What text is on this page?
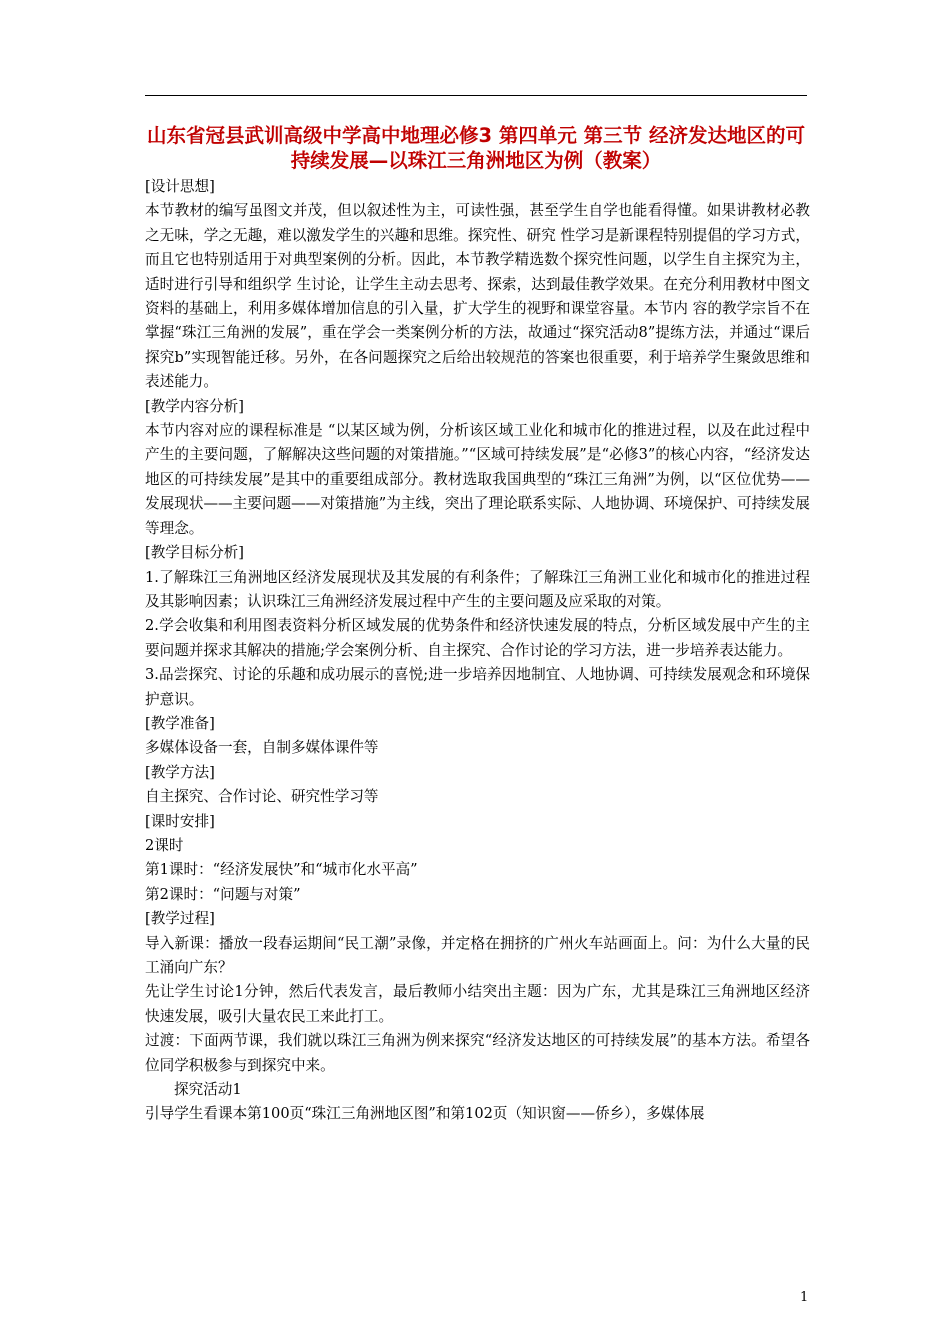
山东省冠县武训高级中学高中地理必修3 第四单元 第三节 经济发达地区的可持续发展—以珠江三角洲地区为例（教案）

[设计思想]

本节教材的编写虽图文并茂，但以叙述性为主，可读性强，甚至学生自学也能看得懂。如果讲教材必教之无味，学之无趣，难以激发学生的兴趣和思维。探究性、研究 性学习是新课程特别提倡的学习方式，而且它也特别适用于对典型案例的分析。因此，本节教学精选数个探究性问题，以学生自主探究为主，适时进行引导和组织学 生讨论，让学生主动去思考、探索，达到最佳教学效果。在充分利用教材中图文资料的基础上，利用多媒体增加信息的引入量，扩大学生的视野和课堂容量。本节内 容的教学宗旨不在掌握“珠江三角洲的发展”，重在学会一类案例分析的方法，故通过“探究活动8”提练方法，并通过“课后探究b”实现智能迁移。另外，在各问题探究之后给出较规范的答案也很重要，利于培养学生聚敛思维和表述能力。

[教学内容分析]

本节内容对应的课程标准是 “以某区域为例，分析该区域工业化和城市化的推进过程，以及在此过程中产生的主要问题，了解解决这些问题的对策措施。”“区域可持续发展”是“必修3”的核心内容，“经济发达地区的可持续发展”是其中的重要组成部分。教材选取我国典型的“珠江三角洲”为例，以“区位优势——发展现状——主要问题——对策措施”为主线，突出了理论联系实际、人地协调、环境保护、可持续发展等理念。

[教学目标分析]

1.了解珠江三角洲地区经济发展现状及其发展的有利条件；了解珠江三角洲工业化和城市化的推进过程及其影响因素；认识珠江三角洲经济发展过程中产生的主要问题及应采取的对策。

2.学会收集和利用图表资料分析区域发展的优势条件和经济快速发展的特点，分析区域发展中产生的主要问题并探求其解决的措施;学会案例分析、自主探究、合作讨论的学习方法，进一步培养表达能力。

3.品尝探究、讨论的乐趣和成功展示的喜悦;进一步培养因地制宜、人地协调、可持续发展观念和环境保护意识。

[教学准备]

多媒体设备一套，自制多媒体课件等

[教学方法]

自主探究、合作讨论、研究性学习等

[课时安排]

2课时

第1课时：“经济发展快”和“城市化水平高”

第2课时：“问题与对策”

[教学过程]

导入新课：播放一段春运期间“民工潮”录像，并定格在拥挤的广州火车站画面上。问：为什么大量的民工涌向广东？

先让学生讨论1分钟，然后代表发言，最后教师小结突出主题：因为广东，尤其是珠江三角洲地区经济快速发展，吸引大量农民工来此打工。

过渡：下面两节课，我们就以珠江三角洲为例来探究“经济发达地区的可持续发展”的基本方法。希望各位同学积极参与到探究中来。

探究活动1

引导学生看课本第100页“珠江三角洲地区图”和第102页（知识窗——侨乡），多媒体展

1
